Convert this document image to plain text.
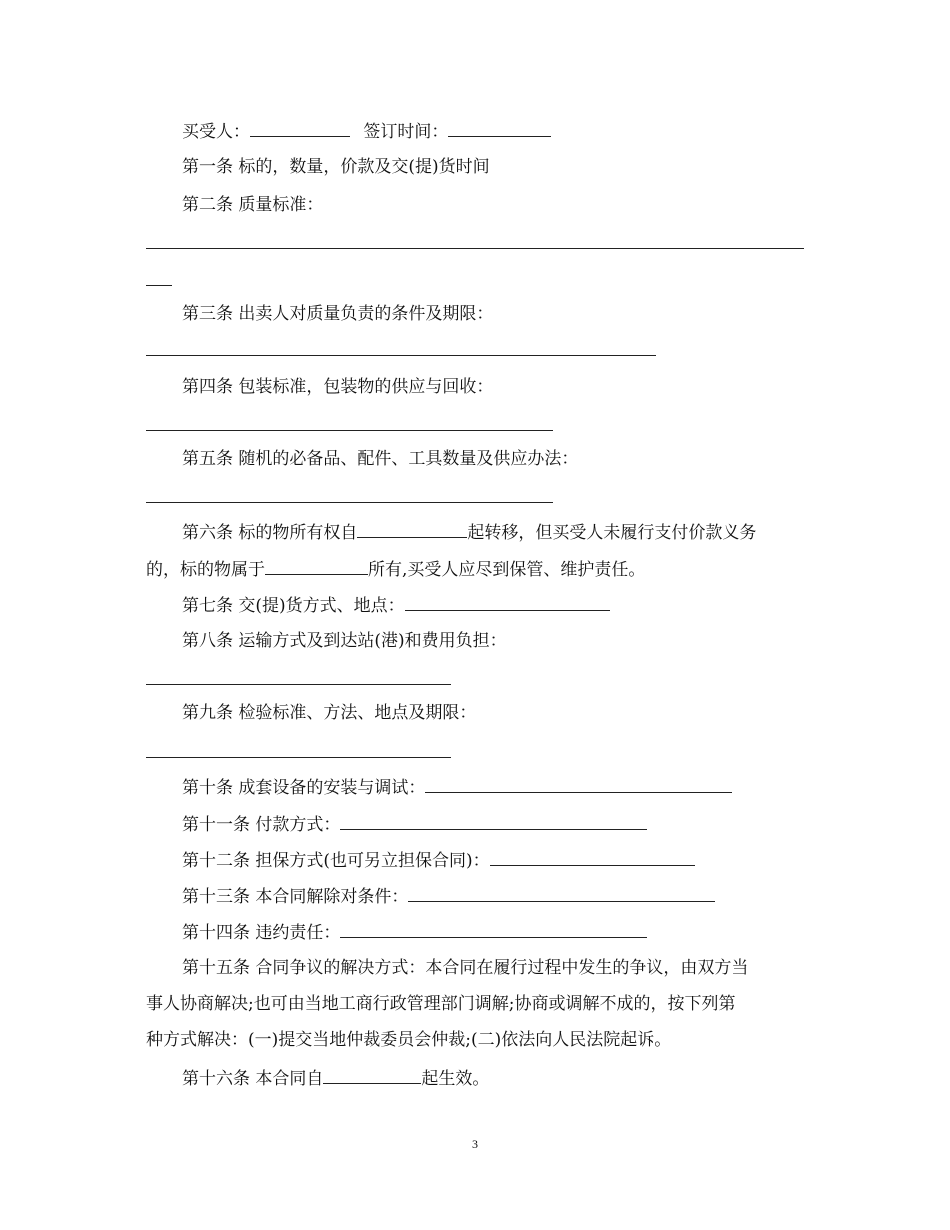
买受人：	签订时间：
第一条 标的，数量，价款及交(提)货时间
第二条 质量标准：
第三条 出卖人对质量负责的条件及期限：
第四条 包装标准，包装物的供应与回收：
第五条 随机的必备品、配件、工具数量及供应办法：
第六条 标的物所有权自	起转移，但买受人未履行支付价款义务
的，标的物属于	所有,买受人应尽到保管、维护责任。
第七条 交(提)货方式、地点：
第八条 运输方式及到达站(港)和费用负担：
第九条 检验标准、方法、地点及期限：
第十条 成套设备的安装与调试：
第十一条 付款方式：
第十二条 担保方式(也可另立担保合同)：
第十三条 本合同解除对条件：
第十四条 违约责任：
第十五条 合同争议的解决方式：本合同在履行过程中发生的争议，由双方当
事人协商解决;也可由当地工商行政管理部门调解;协商或调解不成的，按下列第
种方式解决：(一)提交当地仲裁委员会仲裁;(二)依法向人民法院起诉。
第十六条 本合同自	起生效。
3
